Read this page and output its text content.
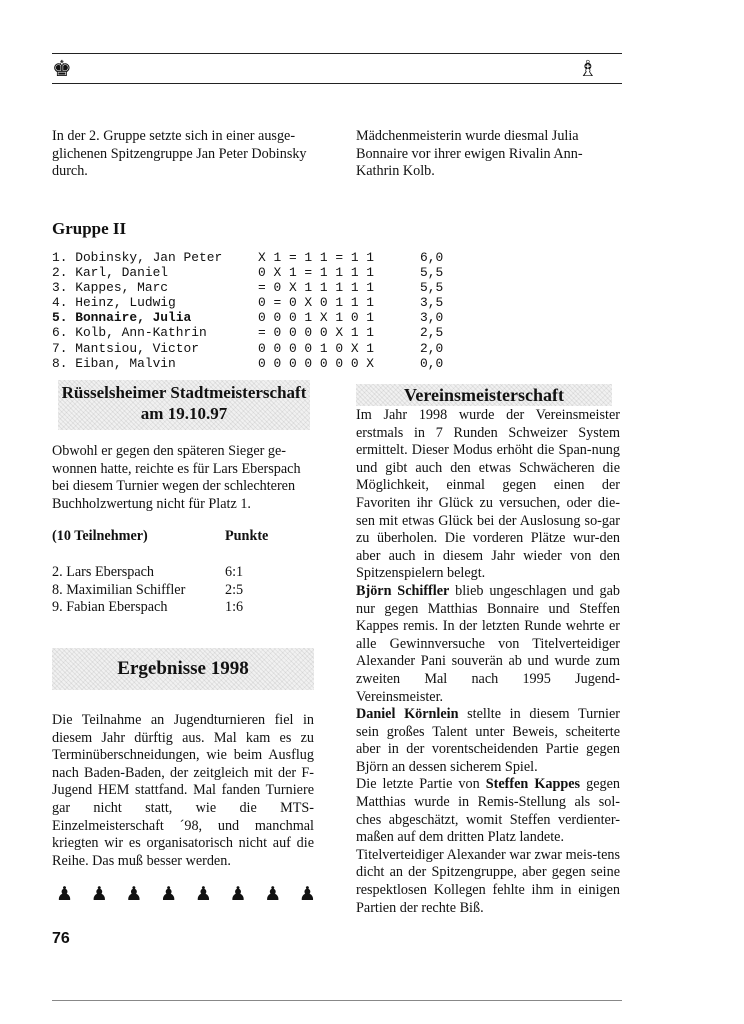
♚	♗

In der 2. Gruppe setzte sich in einer ausge-glichenen Spitzengruppe Jan Peter Dobinsky durch.

Mädchenmeisterin wurde diesmal Julia Bonnaire vor ihrer ewigen Rivalin Ann-Kathrin Kolb.

Gruppe II
1. Dobinsky, Jan Peter	X 1 = 1 1 = 1 1	6,0
2. Karl, Daniel	0 X 1 = 1 1 1 1	5,5
3. Kappes, Marc	= 0 X 1 1 1 1 1	5,5
4. Heinz, Ludwig	0 = 0 X 0 1 1 1	3,5
5. Bonnaire, Julia	0 0 0 1 X 1 0 1	3,0
6. Kolb, Ann-Kathrin	= 0 0 0 0 X 1 1	2,5
7. Mantsiou, Victor	0 0 0 0 1 0 X 1	2,0
8. Eiban, Malvin	0 0 0 0 0 0 0 X	0,0
Rüsselsheimer Stadtmeisterschaft
am 19.10.97

Obwohl er gegen den späteren Sieger ge-wonnen hatte, reichte es für Lars Eberspach bei diesem Turnier wegen der schlechteren Buchholzwertung nicht für Platz 1.

(10 Teilnehmer)	Punkte
2. Lars Eberspach	6:1
8. Maximilian Schiffler	2:5
9. Fabian Eberspach	1:6
Ergebnisse 1998

Die Teilnahme an Jugendturnieren fiel in diesem Jahr dürftig aus. Mal kam es zu Terminüberschneidungen, wie beim Ausflug nach Baden-Baden, der zeitgleich mit der F-Jugend HEM stattfand. Mal fanden Turniere gar nicht statt, wie die MTS-Einzelmeisterschaft ´98, und manchmal kriegten wir es organisatorisch nicht auf die Reihe. Das muß besser werden.

Vereinsmeisterschaft

Im Jahr 1998 wurde der Vereinsmeister erstmals in 7 Runden Schweizer System ermittelt. Dieser Modus erhöht die Span-nung und gibt auch den etwas Schwächeren die Möglichkeit, einmal gegen einen der Favoriten ihr Glück zu versuchen, oder die-sen mit etwas Glück bei der Auslosung so-gar zu überholen. Die vorderen Plätze wur-den aber auch in diesem Jahr wieder von den Spitzenspielern belegt.

Björn Schiffler blieb ungeschlagen und gab nur gegen Matthias Bonnaire und Steffen Kappes remis. In der letzten Runde wehrte er alle Gewinnversuche von Titelverteidiger Alexander Pani souverän ab und wurde zum zweiten Mal nach 1995 Jugend-Vereinsmeister.

Daniel Körnlein stellte in diesem Turnier sein großes Talent unter Beweis, scheiterte aber in der vorentscheidenden Partie gegen Björn an dessen sicherem Spiel.

Die letzte Partie von Steffen Kappes gegen Matthias wurde in Remis-Stellung als sol-ches abgeschätzt, womit Steffen verdienter-maßen auf dem dritten Platz landete.

Titelverteidiger Alexander war zwar meis-tens dicht an der Spitzengruppe, aber gegen seine respektlosen Kollegen fehlte ihm in einigen Partien der rechte Biß.

♟ ♟ ♟ ♟ ♟ ♟ ♟ ♟
76
